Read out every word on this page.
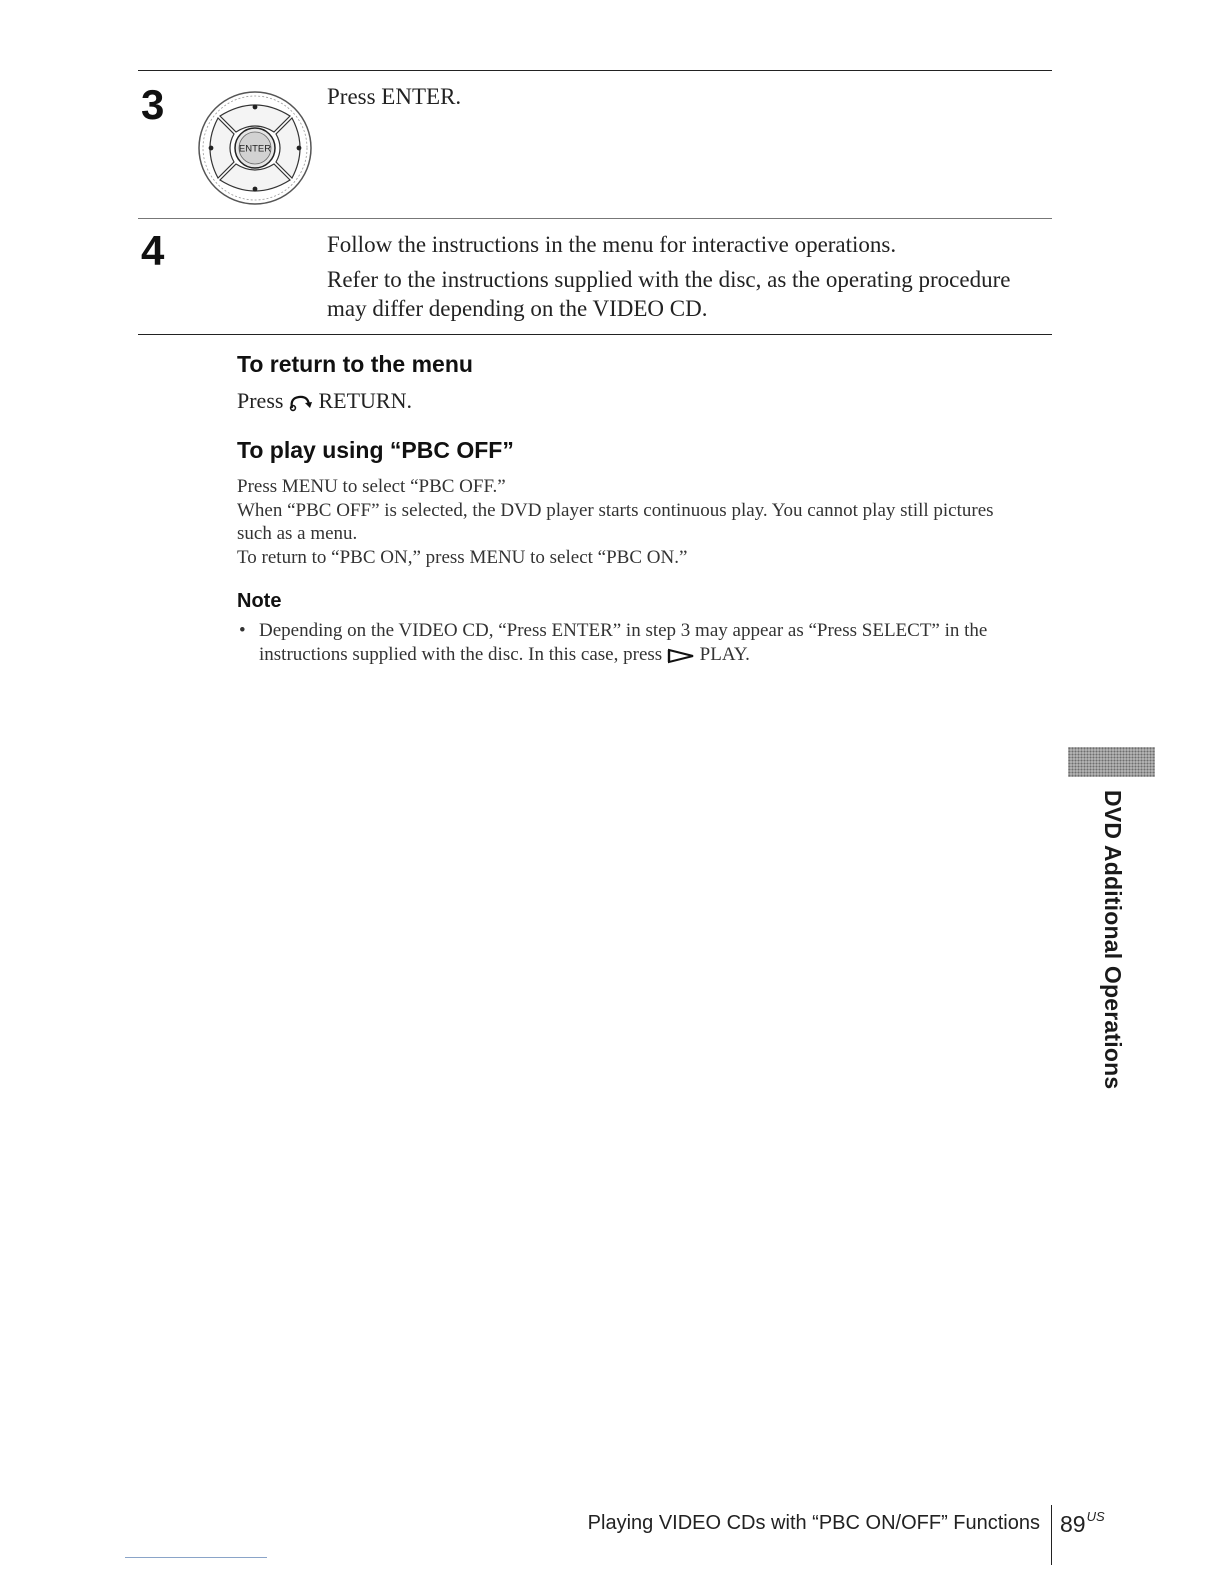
3
ENTER

Press ENTER.

4	Follow the instructions in the menu for interactive operations.

Refer to the instructions supplied with the disc, as the operating procedure may differ depending on the VIDEO CD.

To return to the menu

Press RETURN.

To play using “PBC OFF”

Press MENU to select “PBC OFF.”

When “PBC OFF” is selected, the DVD player starts continuous play. You cannot play still pictures such as a menu.

To return to “PBC ON,” press MENU to select “PBC ON.”

Note
• Depending on the VIDEO CD, “Press ENTER” in step 3 may appear as “Press SELECT” in the instructions supplied with the disc. In this case, press PLAY.
DVD Additional Operations
Playing VIDEO CDs with “PBC ON/OFF” Functions $89^{US}$
